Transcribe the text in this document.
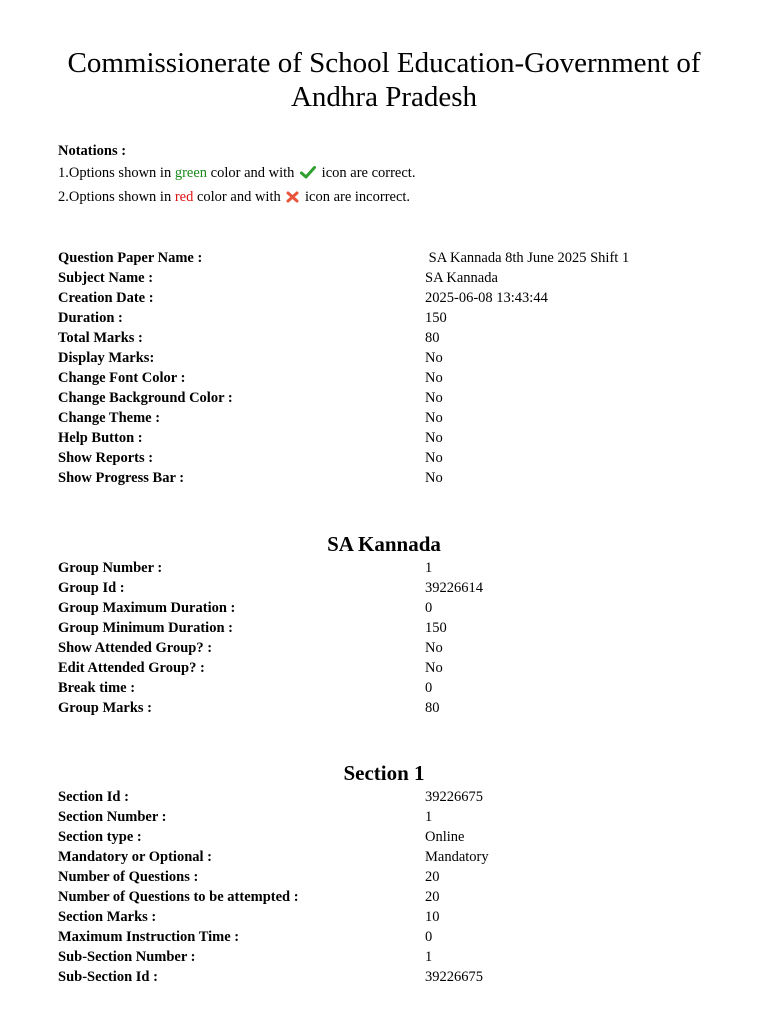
Commissionerate of School Education-Government of Andhra Pradesh
Notations :
1.Options shown in green color and with  icon are correct.
2.Options shown in red color and with  icon are incorrect.
Question Paper Name :	SA Kannada 8th June 2025 Shift 1
Subject Name :	SA Kannada
Creation Date :	2025-06-08 13:43:44
Duration :	150
Total Marks :	80
Display Marks:	No
Change Font Color :	No
Change Background Color :	No
Change Theme :	No
Help Button :	No
Show Reports :	No
Show Progress Bar :	No
SA Kannada
Group Number :	1
Group Id :	39226614
Group Maximum Duration :	0
Group Minimum Duration :	150
Show Attended Group? :	No
Edit Attended Group? :	No
Break time :	0
Group Marks :	80
Section 1
Section Id :	39226675
Section Number :	1
Section type :	Online
Mandatory or Optional :	Mandatory
Number of Questions :	20
Number of Questions to be attempted :	20
Section Marks :	10
Maximum Instruction Time :	0
Sub-Section Number :	1
Sub-Section Id :	39226675
